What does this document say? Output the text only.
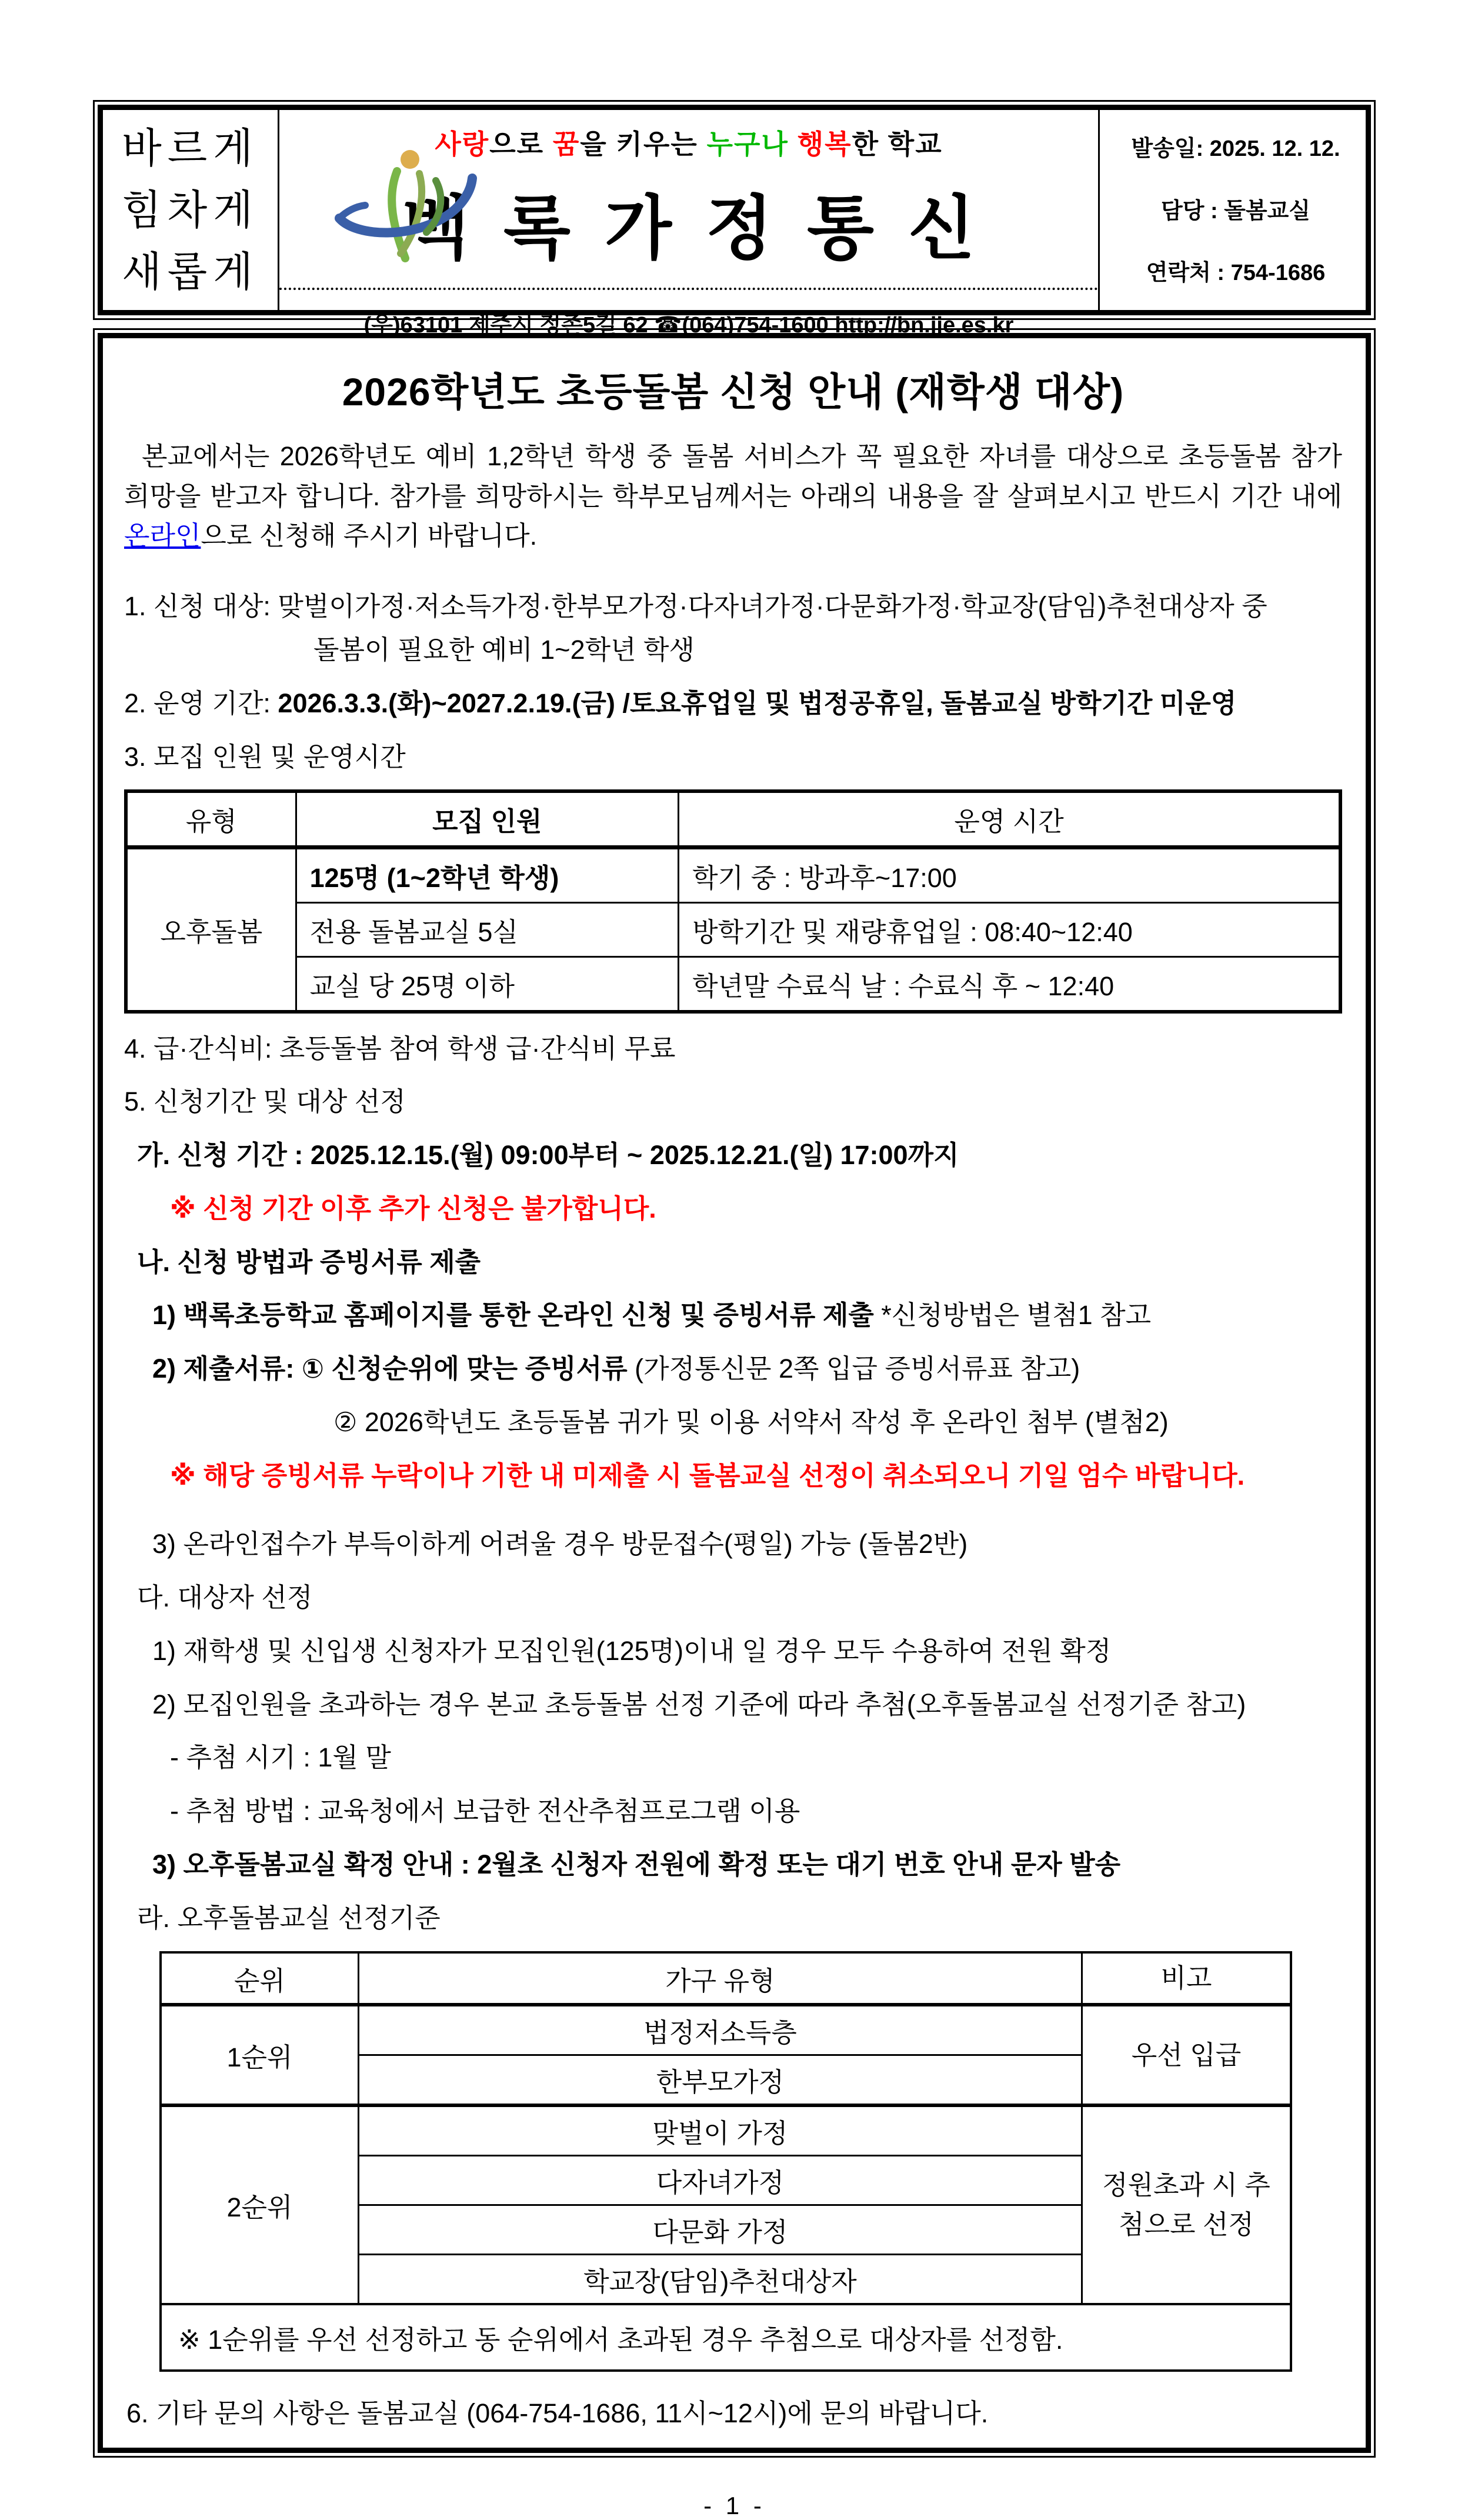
바르게
힘차게
새롭게
사랑으로 꿈을 키우는 누구나 행복한 학교
백록가정통신
(우)63101 제주시 정존5길 62 ☎(064)754-1600 http://bn.jje.es.kr
발송일: 2025. 12. 12.
담당 : 돌봄교실
연락처 : 754-1686
2026학년도 초등돌봄 신청 안내 (재학생 대상)

본교에서는 2026학년도 예비 1,2학년 학생 중 돌봄 서비스가 꼭 필요한 자녀를 대상으로 초등돌봄 참가 희망을 받고자 합니다. 참가를 희망하시는 학부모님께서는 아래의 내용을 잘 살펴보시고 반드시 기간 내에 온라인으로 신청해 주시기 바랍니다.

1. 신청 대상: 맞벌이가정·저소득가정·한부모가정·다자녀가정·다문화가정·학교장(담임)추천대상자 중
돌봄이 필요한 예비 1~2학년 학생
2. 운영 기간: 2026.3.3.(화)~2027.2.19.(금) /토요휴업일 및 법정공휴일, 돌봄교실 방학기간 미운영
3. 모집 인원 및 운영시간
유형	모집 인원	운영 시간
오후돌봄	125명 (1~2학년 학생)	학기 중 : 방과후~17:00
	전용 돌봄교실 5실	방학기간 및 재량휴업일 : 08:40~12:40
	교실 당 25명 이하	학년말 수료식 날 : 수료식 후 ~ 12:40
4. 급·간식비: 초등돌봄 참여 학생 급·간식비 무료
5. 신청기간 및 대상 선정
가. 신청 기간 : 2025.12.15.(월) 09:00부터 ~ 2025.12.21.(일) 17:00까지
※ 신청 기간 이후 추가 신청은 불가합니다.
나. 신청 방법과 증빙서류 제출
1) 백록초등학교 홈페이지를 통한 온라인 신청 및 증빙서류 제출 *신청방법은 별첨1 참고
2) 제출서류: ① 신청순위에 맞는 증빙서류 (가정통신문 2쪽 입급 증빙서류표 참고)
② 2026학년도 초등돌봄 귀가 및 이용 서약서 작성 후 온라인 첨부 (별첨2)
※ 해당 증빙서류 누락이나 기한 내 미제출 시 돌봄교실 선정이 취소되오니 기일 엄수 바랍니다.
3) 온라인접수가 부득이하게 어려울 경우 방문접수(평일) 가능 (돌봄2반)
다. 대상자 선정
1) 재학생 및 신입생 신청자가 모집인원(125명)이내 일 경우 모두 수용하여 전원 확정
2) 모집인원을 초과하는 경우 본교 초등돌봄 선정 기준에 따라 추첨(오후돌봄교실 선정기준 참고)
- 추첨 시기 : 1월 말
- 추첨 방법 : 교육청에서 보급한 전산추첨프로그램 이용
3) 오후돌봄교실 확정 안내 : 2월초 신청자 전원에 확정 또는 대기 번호 안내 문자 발송
라. 오후돌봄교실 선정기준
순위	가구 유형	비고
1순위	법정저소득층	우선 입급
	한부모가정	
2순위	맞벌이 가정	정원초과 시 추첨으로 선정
	다자녀가정	
	다문화 가정	
	학교장(담임)추천대상자	
※ 1순위를 우선 선정하고 동 순위에서 초과된 경우 추첨으로 대상자를 선정함.		
6. 기타 문의 사항은 돌봄교실 (064-754-1686, 11시~12시)에 문의 바랍니다.
- 1 -
